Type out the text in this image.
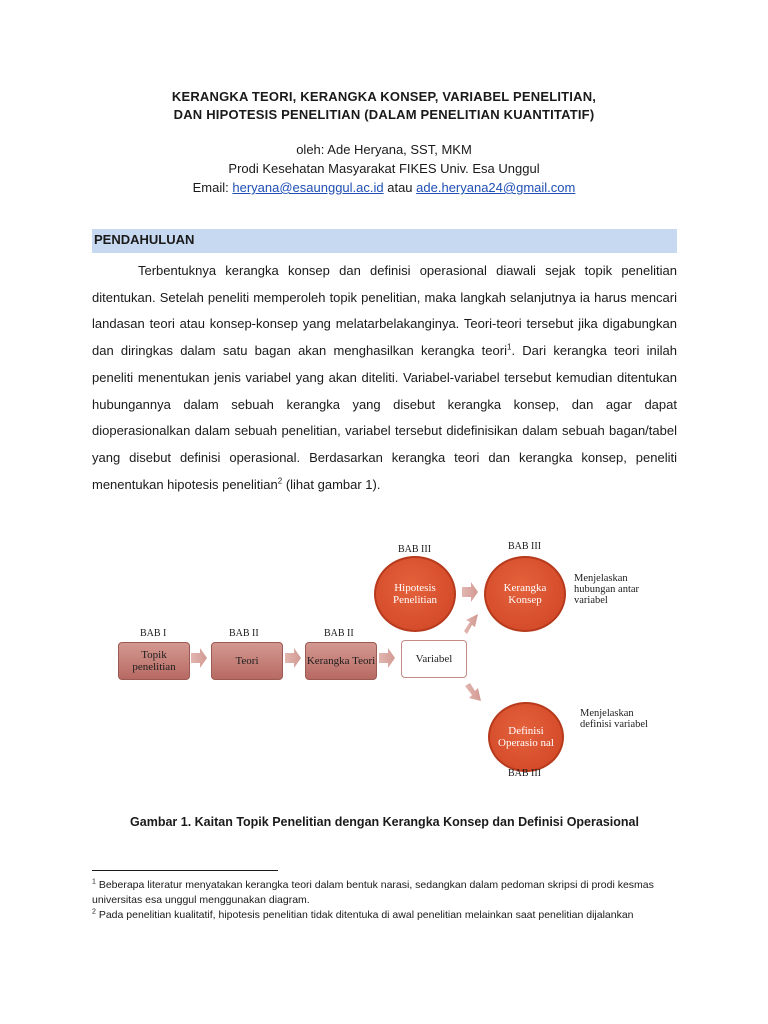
KERANGKA TEORI, KERANGKA KONSEP, VARIABEL PENELITIAN,
DAN HIPOTESIS PENELITIAN (DALAM PENELITIAN KUANTITATIF)
oleh: Ade Heryana, SST, MKM
Prodi Kesehatan Masyarakat FIKES Univ. Esa Unggul
Email: heryana@esaunggul.ac.id atau ade.heryana24@gmail.com
PENDAHULUAN

Terbentuknya kerangka konsep dan definisi operasional diawali sejak topik penelitian ditentukan. Setelah peneliti memperoleh topik penelitian, maka langkah selanjutnya ia harus mencari landasan teori atau konsep-konsep yang melatarbelakanginya. Teori-teori tersebut jika digabungkan dan diringkas dalam satu bagan akan menghasilkan kerangka teori$^1$. Dari kerangka teori inilah peneliti menentukan jenis variabel yang akan diteliti. Variabel-variabel tersebut kemudian ditentukan hubungannya dalam sebuah kerangka yang disebut kerangka konsep, dan agar dapat dioperasionalkan dalam sebuah penelitian, variabel tersebut didefinisikan dalam sebuah bagan/tabel yang disebut definisi operasional. Berdasarkan kerangka teori dan kerangka konsep, peneliti menentukan hipotesis penelitian$^2$ (lihat gambar 1).

BAB I
Topik penelitian
BAB II
Teori
BAB II
Kerangka Teori	Variabel
BAB III
Hipotesis Penelitian
BAB III
Kerangka Konsep
Definisi Operasio nal
BAB III
Menjelaskan hubungan antar variabel
Menjelaskan definisi variabel
Gambar 1. Kaitan Topik Penelitian dengan Kerangka Konsep dan Definisi Operasional

$^1$ Beberapa literatur menyatakan kerangka teori dalam bentuk narasi, sedangkan dalam pedoman skripsi di prodi kesmas universitas esa unggul menggunakan diagram.

$^2$ Pada penelitian kualitatif, hipotesis penelitian tidak ditentuka di awal penelitian melainkan saat penelitian dijalankan
